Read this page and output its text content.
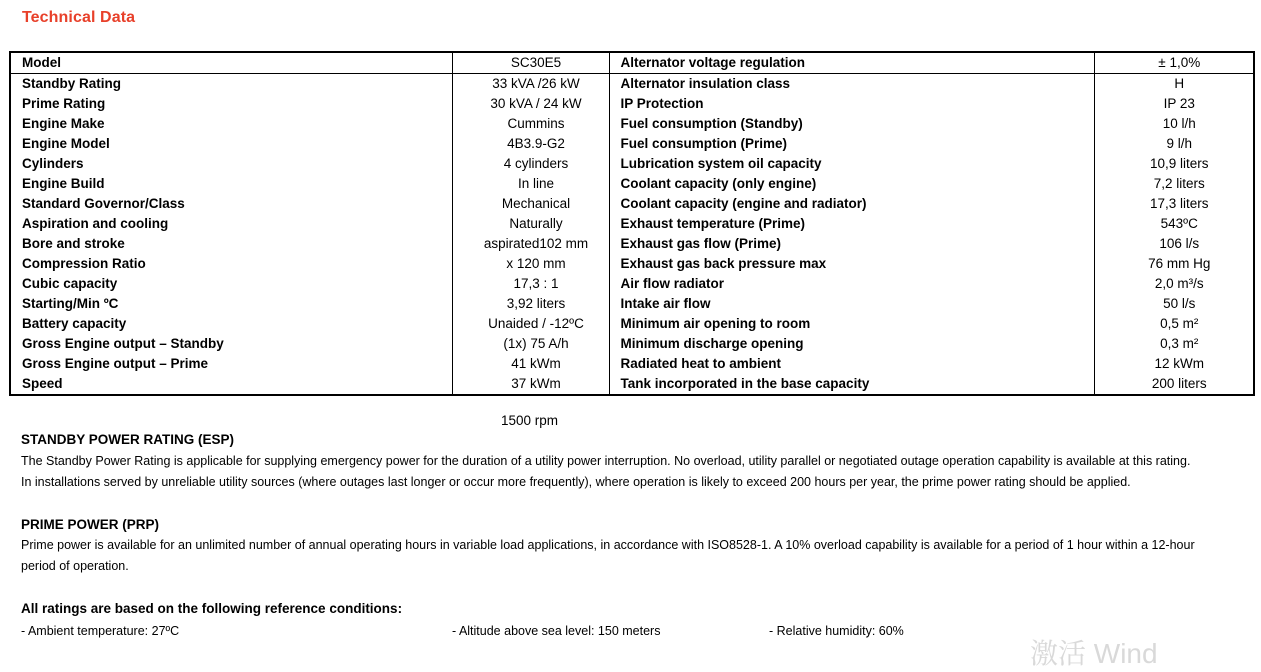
Technical Data
Model	SC30E5	Alternator voltage regulation	± 1,0%
Standby Rating	33 kVA /26 kW	Alternator insulation class	H
Prime Rating	30 kVA / 24 kW	IP Protection	IP 23
Engine Make	Cummins	Fuel consumption (Standby)	10 l/h
Engine Model	4B3.9-G2	Fuel consumption (Prime)	9 l/h
Cylinders	4 cylinders	Lubrication system oil capacity	10,9 liters
Engine Build	In line	Coolant capacity (only engine)	7,2 liters
Standard Governor/Class	Mechanical	Coolant capacity (engine and radiator)	17,3 liters
Aspiration and cooling	Naturally	Exhaust temperature (Prime)	543ºC
Bore and stroke	aspirated102 mm	Exhaust gas flow (Prime)	106 l/s
Compression Ratio	x 120 mm	Exhaust gas back pressure max	76 mm Hg
Cubic capacity	17,3 : 1	Air flow radiator	2,0 m³/s
Starting/Min ºC	3,92 liters	Intake air flow	50 l/s
Battery capacity	Unaided / -12ºC	Minimum air opening to room	0,5 m²
Gross Engine output – Standby	(1x) 75 A/h	Minimum discharge opening	0,3 m²
Gross Engine output – Prime	41 kWm	Radiated heat to ambient	12 kWm
Speed	37 kWm	Tank incorporated in the base capacity	200 liters
1500 rpm
STANDBY POWER RATING (ESP)
The Standby Power Rating is applicable for supplying emergency power for the duration of a utility power interruption. No overload, utility parallel or negotiated outage operation capability is available at this rating.
In installations served by unreliable utility sources (where outages last longer or occur more frequently), where operation is likely to exceed 200 hours per year, the prime power rating should be applied.
PRIME POWER (PRP)
Prime power is available for an unlimited number of annual operating hours in variable load applications, in accordance with ISO8528-1. A 10% overload capability is available for a period of 1 hour within a 12-hour
period of operation.
All ratings are based on the following reference conditions:
- Ambient temperature: 27ºC	- Altitude above sea level: 150 meters	- Relative humidity: 60%
激活 Wind
